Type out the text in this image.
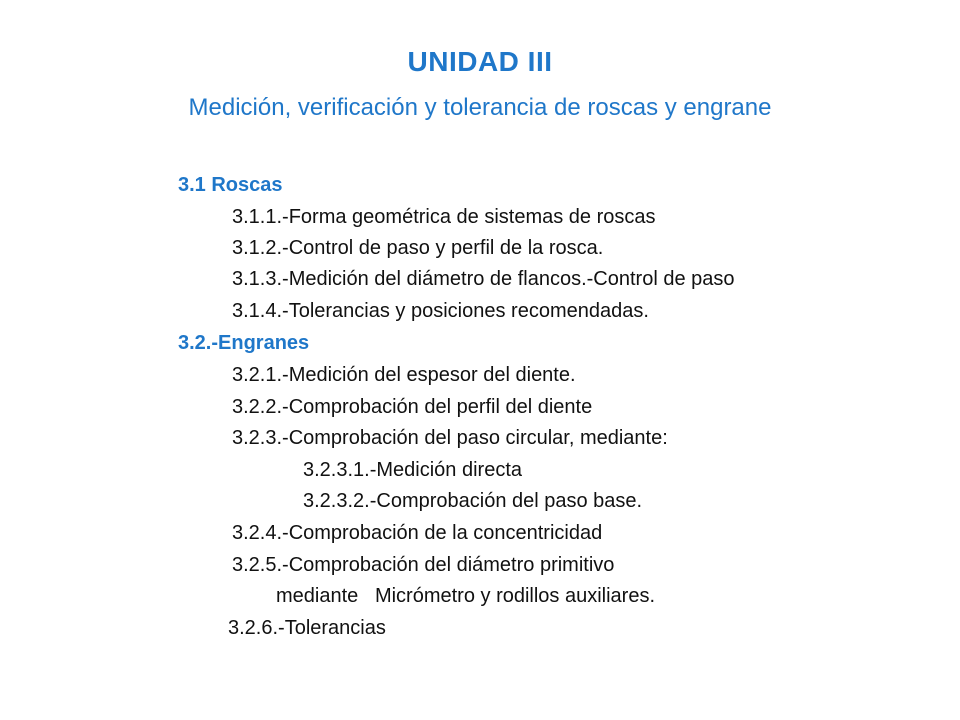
UNIDAD III
Medición, verificación y tolerancia de roscas y engrane
3.1 Roscas
3.1.1.-Forma geométrica de sistemas de roscas
3.1.2.-Control de paso y perfil de la rosca.
3.1.3.-Medición del diámetro de flancos.-Control de paso
3.1.4.-Tolerancias y posiciones recomendadas.
3.2.-Engranes
3.2.1.-Medición del espesor del diente.
3.2.2.-Comprobación del perfil del diente
3.2.3.-Comprobación del paso circular, mediante:
3.2.3.1.-Medición directa
3.2.3.2.-Comprobación del paso base.
3.2.4.-Comprobación de la concentricidad
3.2.5.-Comprobación del diámetro primitivo
mediante   Micrómetro y rodillos auxiliares.
3.2.6.-Tolerancias
